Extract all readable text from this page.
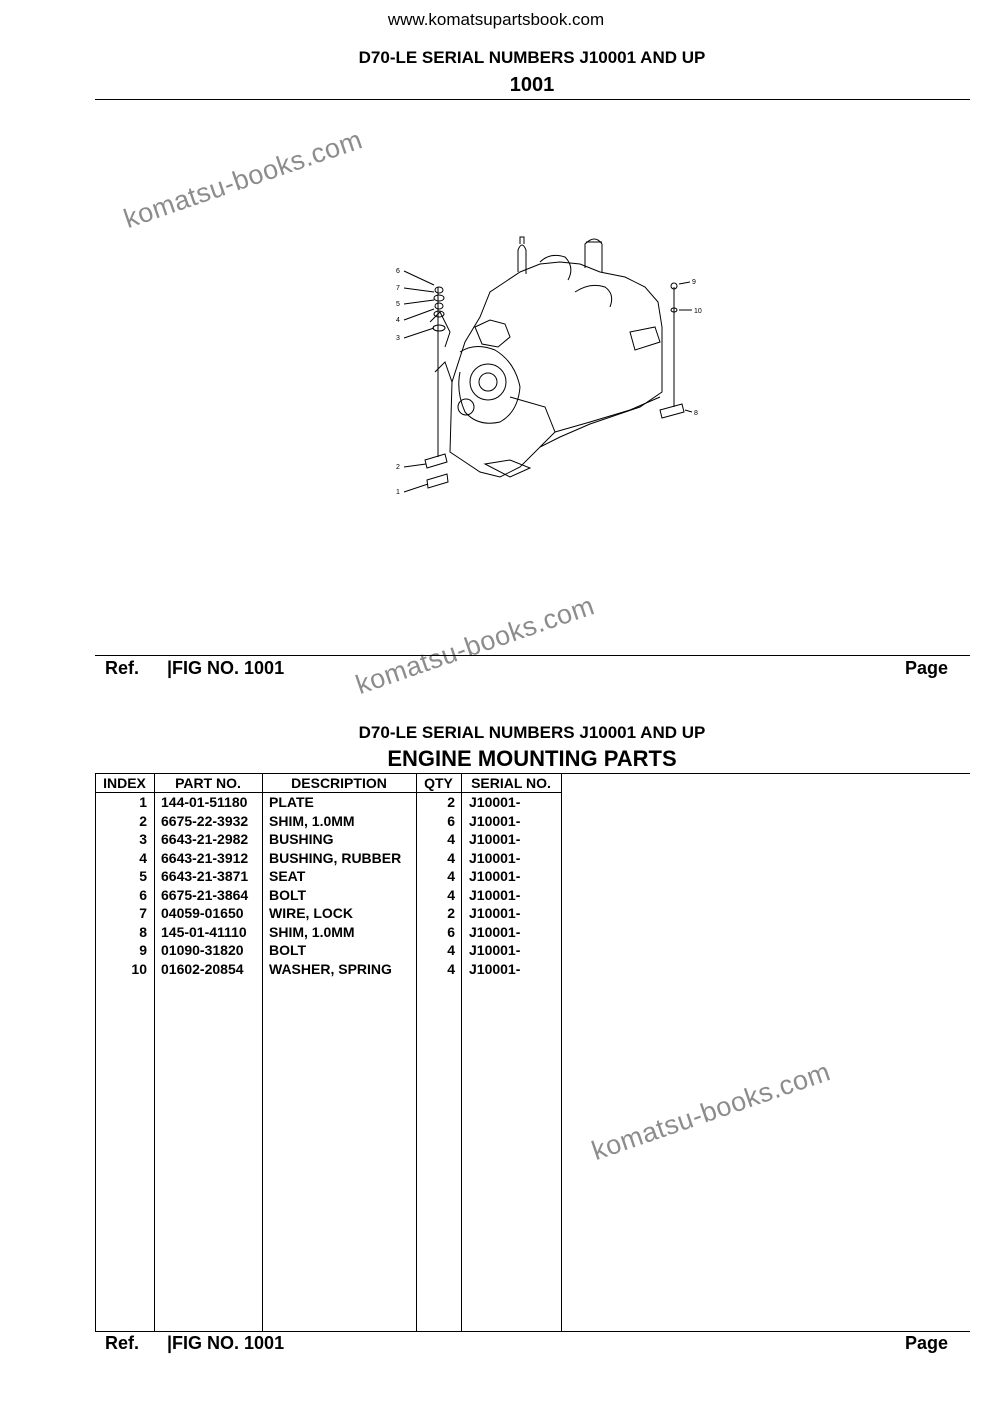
www.komatsupartsbook.com
D70-LE SERIAL NUMBERS J10001 AND UP
1001
komatsu-books.com
komatsu-books.com
komatsu-books.com
6
7
5
4
3
2
1
9
10
8
Ref. |FIG NO. 1001	Page
D70-LE SERIAL NUMBERS J10001 AND UP
ENGINE MOUNTING PARTS
INDEX	PART NO.	DESCRIPTION	QTY	SERIAL NO.
1 144-01-51180 PLATE	2 J10001-
2 6675-22-3932 SHIM, 1.0MM	6 J10001-
3 6643-21-2982 BUSHING	4 J10001-
4 6643-21-3912 BUSHING, RUBBER	4 J10001-
5 6643-21-3871 SEAT	4 J10001-
6 6675-21-3864 BOLT	4 J10001-
7 04059-01650 WIRE, LOCK	2 J10001-
8 145-01-41110 SHIM, 1.0MM	6 J10001-
9 01090-31820 BOLT	4 J10001-
10 01602-20854 WASHER, SPRING	4 J10001-
Ref. |FIG NO. 1001	Page
